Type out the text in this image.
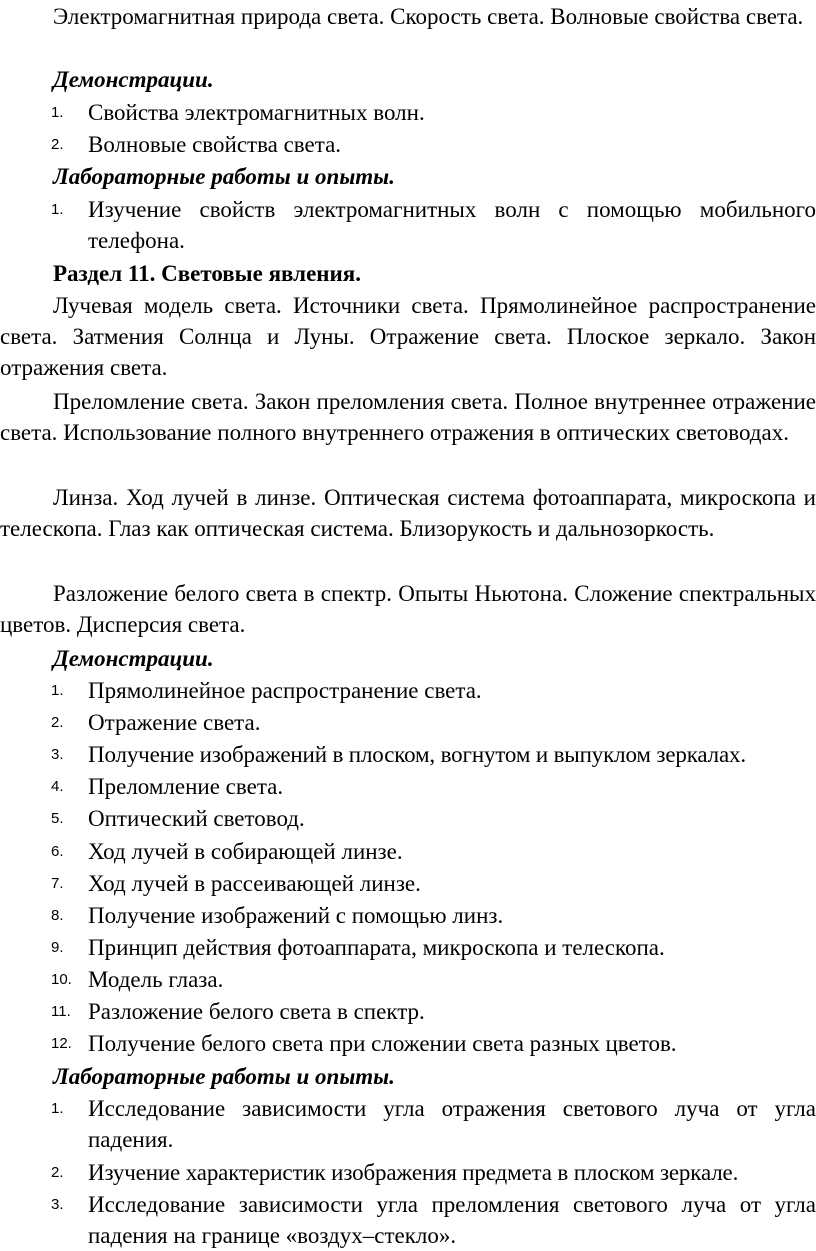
Электромагнитная природа света. Скорость света. Волновые свойства света.
Демонстрации.
1. Свойства электромагнитных волн.
2. Волновые свойства света.
Лабораторные работы и опыты.
1. Изучение свойств электромагнитных волн с помощью мобильного телефона.
Раздел 11. Световые явления.
Лучевая модель света. Источники света. Прямолинейное распространение света. Затмения Солнца и Луны. Отражение света. Плоское зеркало. Закон отражения света.
Преломление света. Закон преломления света. Полное внутреннее отражение света. Использование полного внутреннего отражения в оптических световодах.
Линза. Ход лучей в линзе. Оптическая система фотоаппарата, микроскопа и телескопа. Глаз как оптическая система. Близорукость и дальнозоркость.
Разложение белого света в спектр. Опыты Ньютона. Сложение спектральных цветов. Дисперсия света.
Демонстрации.
1. Прямолинейное распространение света.
2. Отражение света.
3. Получение изображений в плоском, вогнутом и выпуклом зеркалах.
4. Преломление света.
5. Оптический световод.
6. Ход лучей в собирающей линзе.
7. Ход лучей в рассеивающей линзе.
8. Получение изображений с помощью линз.
9. Принцип действия фотоаппарата, микроскопа и телескопа.
10. Модель глаза.
11. Разложение белого света в спектр.
12. Получение белого света при сложении света разных цветов.
Лабораторные работы и опыты.
1. Исследование зависимости угла отражения светового луча от угла падения.
2. Изучение характеристик изображения предмета в плоском зеркале.
3. Исследование зависимости угла преломления светового луча от угла падения на границе «воздух–стекло».
